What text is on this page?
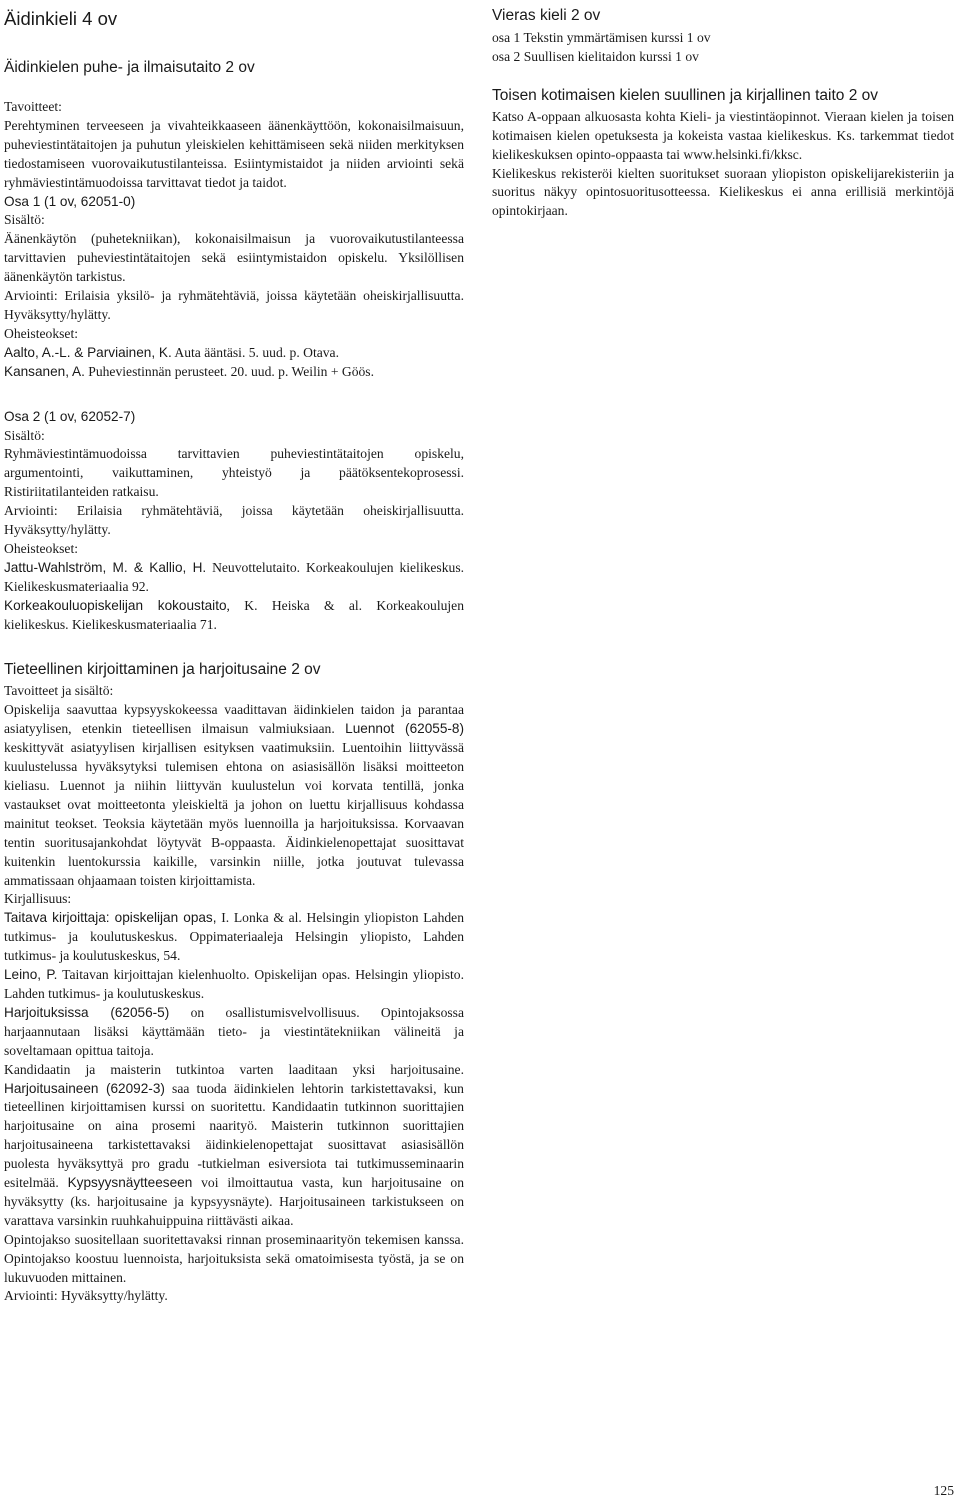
Äidinkieli 4 ov
Äidinkielen puhe- ja ilmaisutaito 2 ov
Tavoitteet:

Perehtyminen terveeseen ja vivahteikkaaseen äänenkäyttöön, kokonaisilmaisuun, puheviestintätaitojen ja puhutun yleiskielen kehittämiseen sekä niiden merkityksen tiedostamiseen vuorovaikutustilanteissa. Esiintymistaidot ja niiden arviointi sekä ryhmäviestintämuodoissa tarvittavat tiedot ja taidot.

Osa 1 (1 ov, 62051-0)
Sisältö:

Äänenkäytön (puhetekniikan), kokonaisilmaisun ja vuorovaikutustilanteessa tarvittavien puheviestintätaitojen sekä esiintymistaidon opiskelu. Yksilöllisen äänenkäytön tarkistus.

Arviointi: Erilaisia yksilö- ja ryhmätehtäviä, joissa käytetään oheiskirjallisuutta. Hyväksytty/hylätty.

Oheisteokset:

Aalto, A.-L. & Parviainen, K. Auta ääntäsi. 5. uud. p. Otava.

Kansanen, A. Puheviestinnän perusteet. 20. uud. p. Weilin + Göös.

Osa 2 (1 ov, 62052-7)
Sisältö:

Ryhmäviestintämuodoissa tarvittavien puheviestintätaitojen opiskelu, argumentointi, vaikuttaminen, yhteistyö ja päätöksentekoprosessi. Ristiriitatilanteiden ratkaisu.

Arviointi: Erilaisia ryhmätehtäviä, joissa käytetään oheiskirjallisuutta. Hyväksytty/hylätty.

Oheisteokset:

Jattu-Wahlström, M. & Kallio, H. Neuvottelutaito. Korkeakoulujen kielikeskus. Kielikeskusmateriaalia 92.

Korkeakouluopiskelijan kokoustaito, K. Heiska & al. Korkeakoulujen kielikeskus. Kielikeskusmateriaalia 71.

Tieteellinen kirjoittaminen ja harjoitusaine 2 ov
Tavoitteet ja sisältö:

Opiskelija saavuttaa kypsyyskokeessa vaadittavan äidinkielen taidon ja parantaa asiatyylisen, etenkin tieteellisen ilmaisun valmiuksiaan. Luennot (62055-8) keskittyvät asiatyylisen kirjallisen esityksen vaatimuksiin. Luentoihin liittyvässä kuulustelussa hyväksytyksi tulemisen ehtona on asiasisällön lisäksi moitteeton kieliasu. Luennot ja niihin liittyvän kuulustelun voi korvata tentillä, jonka vastaukset ovat moitteetonta yleiskieltä ja johon on luettu kirjallisuus kohdassa mainitut teokset. Teoksia käytetään myös luennoilla ja harjoituksissa. Korvaavan tentin suoritusajankohdat löytyvät B-oppaasta. Äidinkielenopettajat suosittavat kuitenkin luentokurssia kaikille, varsinkin niille, jotka joutuvat tulevassa ammatissaan ohjaamaan toisten kirjoittamista.

Kirjallisuus:

Taitava kirjoittaja: opiskelijan opas, I. Lonka & al. Helsingin yliopiston Lahden tutkimus- ja koulutuskeskus. Oppimateriaaleja Helsingin yliopisto, Lahden tutkimus- ja koulutuskeskus, 54.

Leino, P. Taitavan kirjoittajan kielenhuolto. Opiskelijan opas. Helsingin yliopisto. Lahden tutkimus- ja koulutuskeskus.

Harjoituksissa (62056-5) on osallistumisvelvollisuus. Opintojaksossa harjaannutaan lisäksi käyttämään tieto- ja viestintätekniikan välineitä ja soveltamaan opittua taitoja.

Kandidaatin ja maisterin tutkintoa varten laaditaan yksi harjoitusaine. Harjoitusaineen (62092-3) saa tuoda äidinkielen lehtorin tarkistettavaksi, kun tieteellinen kirjoittamisen kurssi on suoritettu. Kandidaatin tutkinnon suorittajien harjoitusaine on aina prosemi naarityö. Maisterin tutkinnon suorittajien harjoitusaineena tarkistettavaksi äidinkielenopettajat suosittavat asiasisällön puolesta hyväksyttyä pro gradu -tutkielman esiversiota tai tutkimusseminaarin esitelmää. Kypsyysnäytteeseen voi ilmoittautua vasta, kun harjoitusaine on hyväksytty (ks. harjoitusaine ja kypsyysnäyte). Harjoitusaineen tarkistukseen on varattava varsinkin ruuhkahuippuina riittävästi aikaa.

Opintojakso suositellaan suoritettavaksi rinnan proseminaarityön tekemisen kanssa. Opintojakso koostuu luennoista, harjoituksista sekä omatoimisesta työstä, ja se on lukuvuoden mittainen.

Arviointi: Hyväksytty/hylätty.

Vieras kieli 2 ov
osa 1 Tekstin ymmärtämisen kurssi 1 ov
osa 2 Suullisen kielitaidon kurssi 1 ov
Toisen kotimaisen kielen suullinen ja kirjallinen taito 2 ov

Katso A-oppaan alkuosasta kohta Kieli- ja viestintäopinnot. Vieraan kielen ja toisen kotimaisen kielen opetuksesta ja kokeista vastaa kielikeskus. Ks. tarkemmat tiedot kielikeskuksen opinto-oppaasta tai www.helsinki.fi/kksc.

Kielikeskus rekisteröi kielten suoritukset suoraan yliopiston opiskelijarekisteriin ja suoritus näkyy opintosuoritusotteessa. Kielikeskus ei anna erillisiä merkintöjä opintokirjaan.

125
